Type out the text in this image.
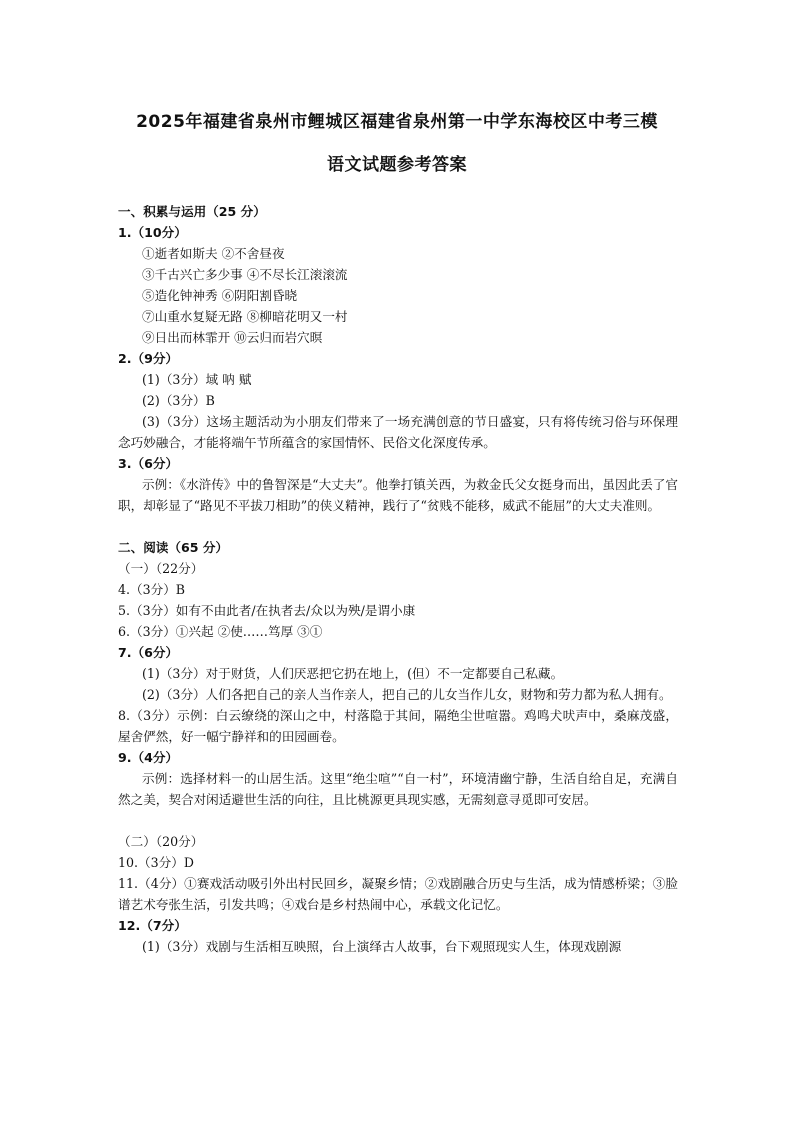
2025年福建省泉州市鲤城区福建省泉州第一中学东海校区中考三模
语文试题参考答案

一、积累与运用（25 分）

1.（10分）

①逝者如斯夫 ②不舍昼夜

③千古兴亡多少事 ④不尽长江滚滚流

⑤造化钟神秀 ⑥阴阳割昏晓

⑦山重水复疑无路 ⑧柳暗花明又一村

⑨日出而林霏开 ⑩云归而岩穴暝

2.（9分）

(1)（3分）域 呐 赋

(2)（3分）B

(3)（3分）这场主题活动为小朋友们带来了一场充满创意的节日盛宴，只有将传统习俗与环保理念巧妙融合，才能将端午节所蕴含的家国情怀、民俗文化深度传承。

3.（6分）

示例：《水浒传》中的鲁智深是“大丈夫”。他拳打镇关西，为救金氏父女挺身而出，虽因此丢了官职，却彰显了“路见不平拔刀相助”的侠义精神，践行了“贫贱不能移，威武不能屈”的大丈夫准则。

二、阅读（65 分）

（一）（22分）

4.（3分）B

5.（3分）如有不由此者/在执者去/众以为殃/是谓小康

6.（3分）①兴起 ②使……笃厚 ③①

7.（6分）

(1)（3分）对于财货，人们厌恶把它扔在地上，(但）不一定都要自己私藏。

(2)（3分）人们各把自己的亲人当作亲人，把自己的儿女当作儿女，财物和劳力都为私人拥有。

8.（3分）示例：白云缭绕的深山之中，村落隐于其间，隔绝尘世喧嚣。鸡鸣犬吠声中，桑麻茂盛，屋舍俨然，好一幅宁静祥和的田园画卷。

9.（4分）

示例：选择材料一的山居生活。这里“绝尘喧”“自一村”，环境清幽宁静，生活自给自足，充满自然之美，契合对闲适避世生活的向往，且比桃源更具现实感，无需刻意寻觅即可安居。

（二）（20分）

10.（3分）D

11.（4分）①赛戏活动吸引外出村民回乡，凝聚乡情；②戏剧融合历史与生活，成为情感桥梁；③脸谱艺术夸张生活，引发共鸣；④戏台是乡村热闹中心，承载文化记忆。

12.（7分）

(1)（3分）戏剧与生活相互映照，台上演绎古人故事，台下观照现实人生，体现戏剧源
